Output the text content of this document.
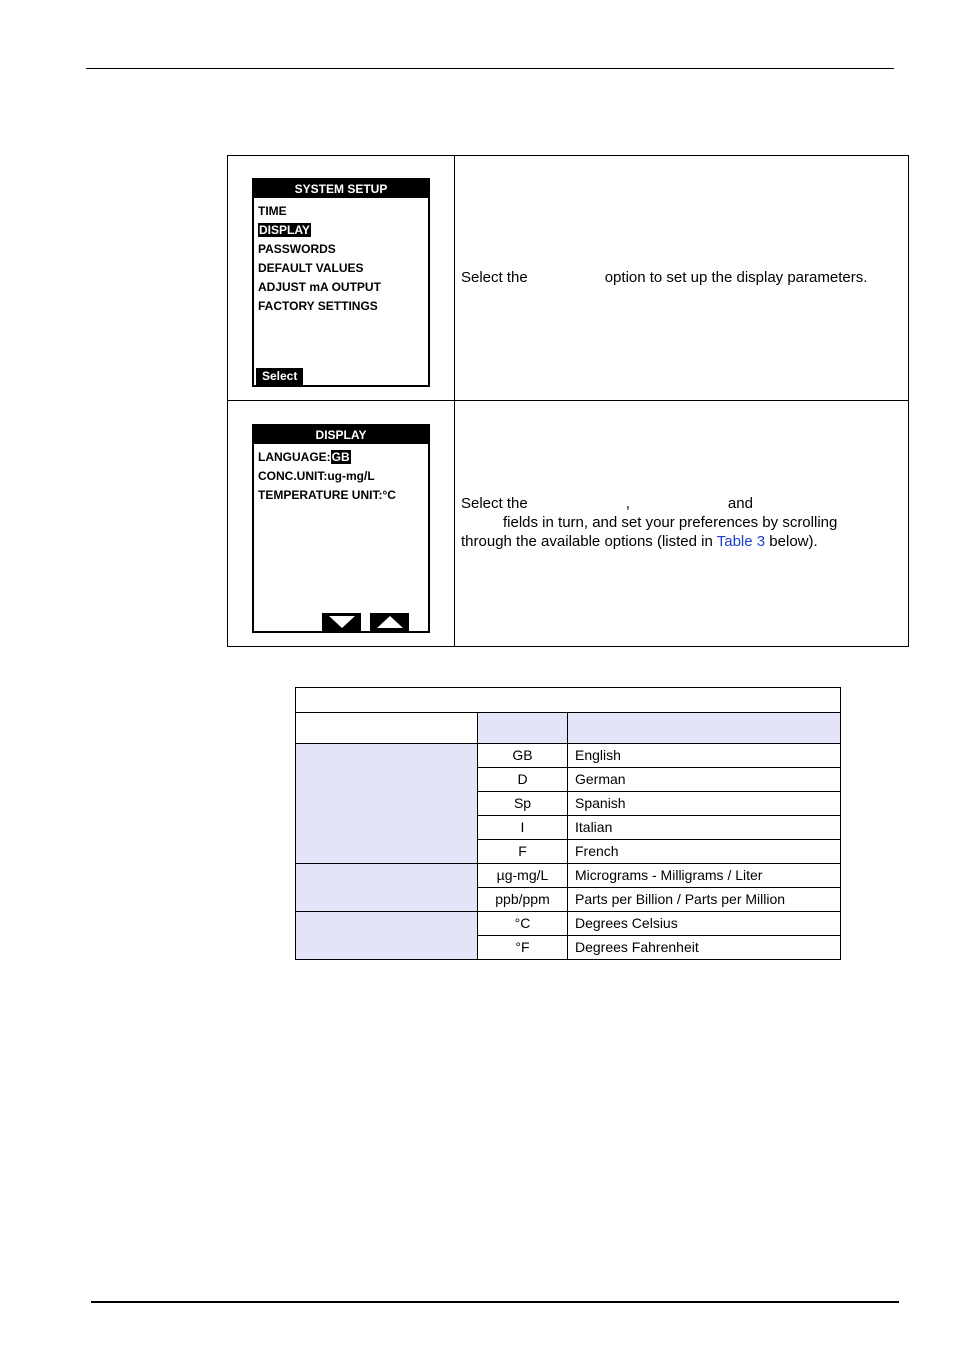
SYSTEM SETUP
TIME
DISPLAY
PASSWORDS
DEFAULT VALUES
ADJUST mA OUTPUT
FACTORY SETTINGS
Select
Select the	option to set up the display parameters.
DISPLAY
LANGUAGE:GB
CONC.UNIT:ug-mg/L
TEMPERATURE UNIT:°C	Select the	,	and
fields in turn, and set your preferences by scrolling
through the available options (listed in Table 3 below).
GB	English
D	German
Sp	Spanish
I	Italian
F	French
µg-mg/L	Micrograms - Milligrams / Liter
ppb/ppm	Parts per Billion / Parts per Million
°C	Degrees Celsius
°F	Degrees Fahrenheit
